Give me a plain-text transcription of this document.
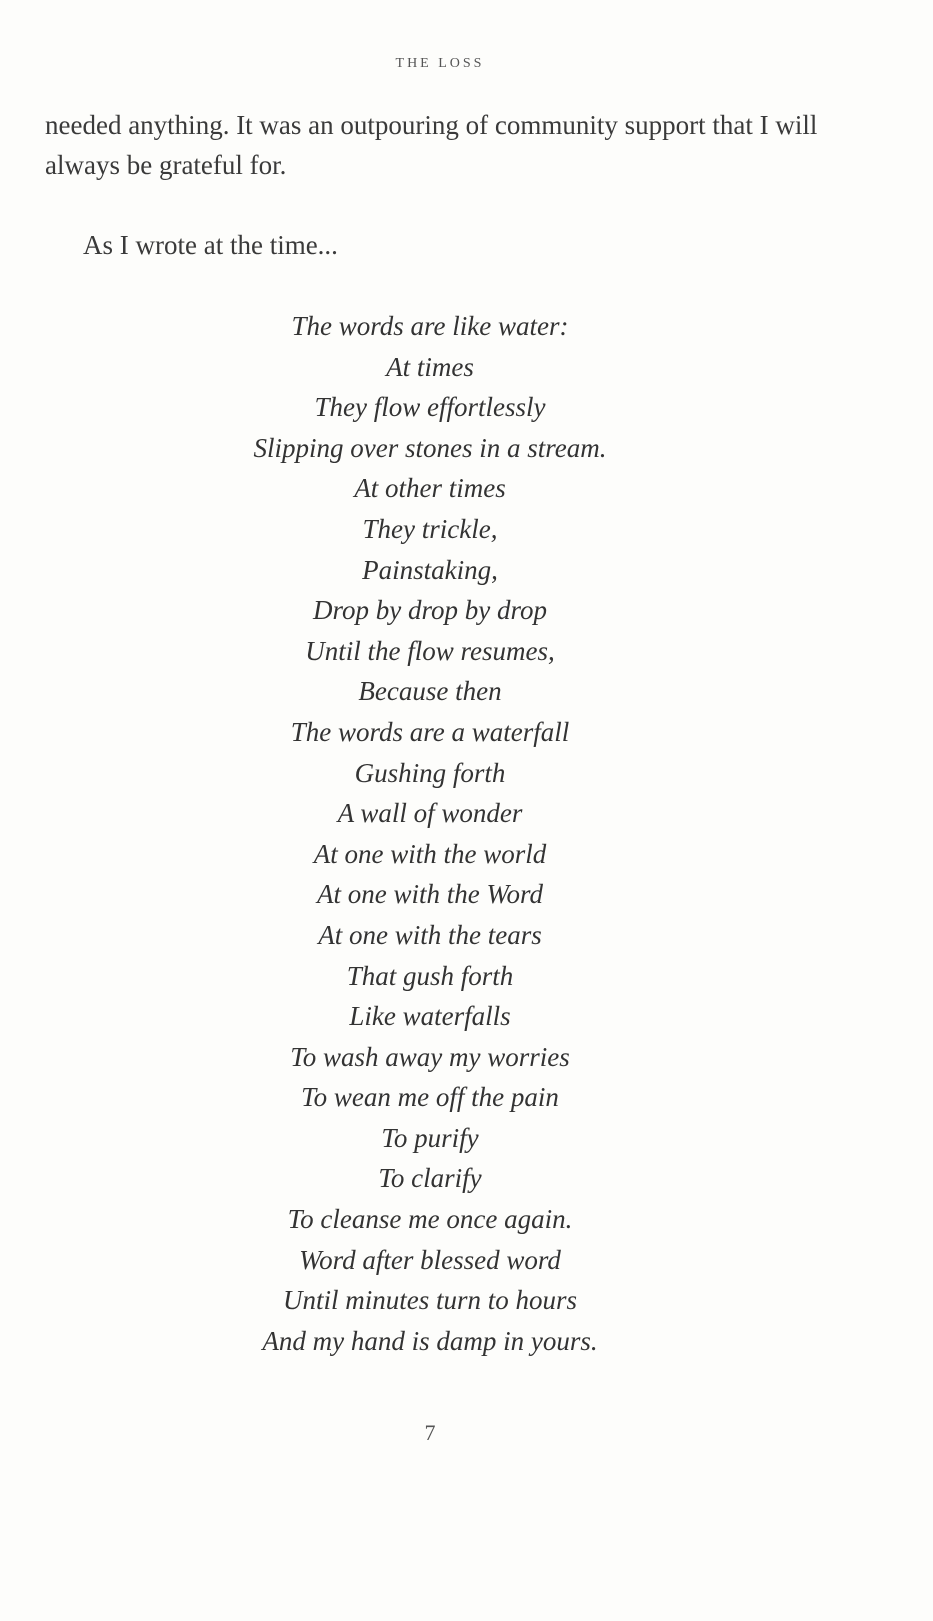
THE LOSS

needed anything. It was an outpouring of community support that I will always be grateful for.

As I wrote at the time...

The words are like water:
At times
They flow effortlessly
Slipping over stones in a stream.
At other times
They trickle,
Painstaking,
Drop by drop by drop
Until the flow resumes,
Because then
The words are a waterfall
Gushing forth
A wall of wonder
At one with the world
At one with the Word
At one with the tears
That gush forth
Like waterfalls
To wash away my worries
To wean me off the pain
To purify
To clarify
To cleanse me once again.
Word after blessed word
Until minutes turn to hours
And my hand is damp in yours.
7
